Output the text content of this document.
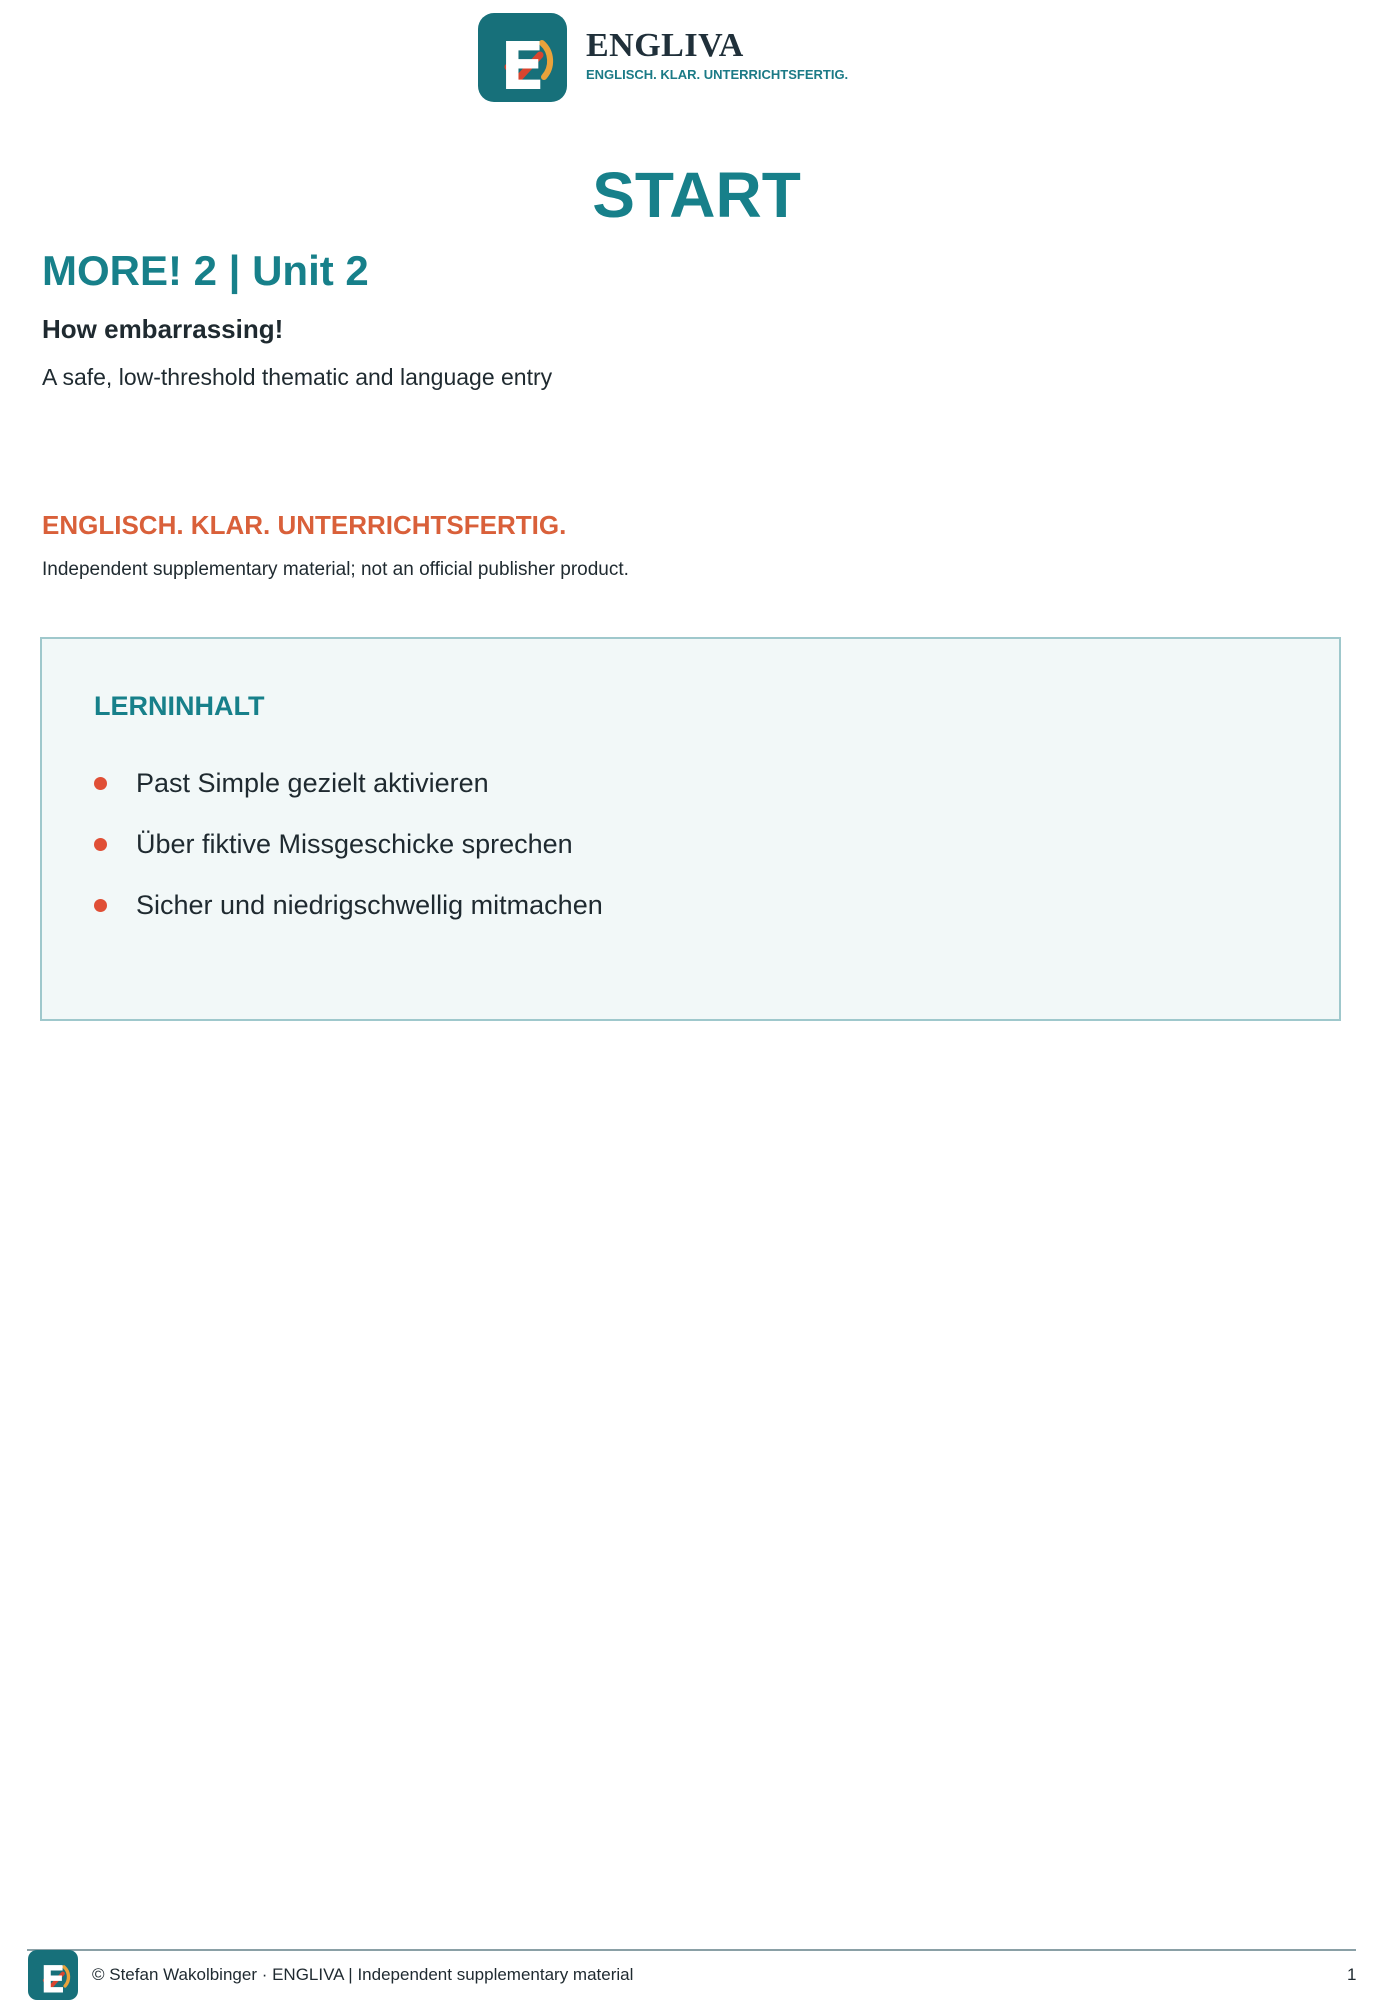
E ENGLIVA
ENGLISCH. KLAR. UNTERRICHTSFERTIG.
START
MORE! 2 | Unit 2

How embarrassing!

A safe, low-threshold thematic and language entry

ENGLISCH. KLAR. UNTERRICHTSFERTIG.

Independent supplementary material; not an official publisher product.

LERNINHALT
Past Simple gezielt aktivieren
Über fiktive Missgeschicke sprechen
Sicher und niedrigschwellig mitmachen
E © Stefan Wakolbinger · ENGLIVA | Independent supplementary material	1
